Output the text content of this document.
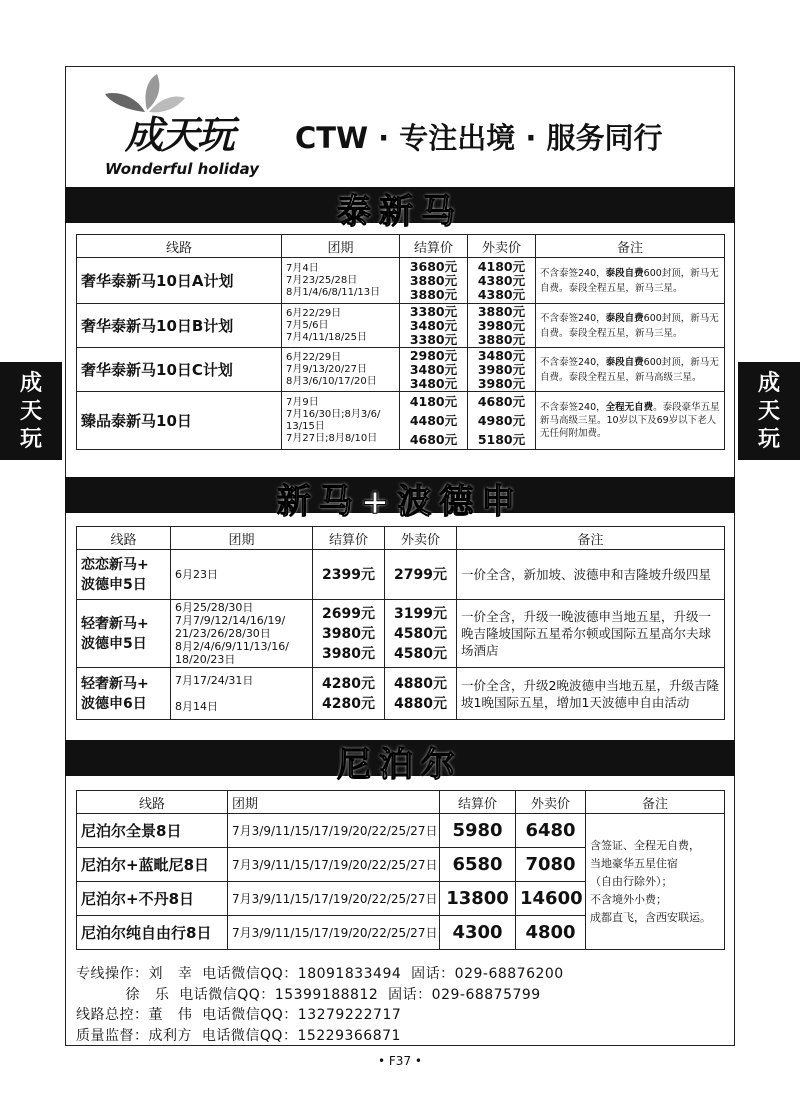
成天玩
Wonderful holiday
CTW · 专注出境 · 服务同行
成
天
玩
成
天
玩
泰新马
线路	团期	结算价	外卖价	备注
奢华泰新马10日A计划	7月4日
7月23/25/28日
8月1/4/6/8/11/13日	3680元
3880元
3880元	4180元
4380元
4380元	不含泰签240，泰段自费600封顶，新马无自费。泰段全程五星，新马三星。
奢华泰新马10日B计划	6月22/29日
7月5/6日
7月4/11/18/25日	3380元
3480元
3380元	3880元
3980元
3880元	不含泰签240，泰段自费600封顶，新马无自费。泰段全程五星，新马三星。
奢华泰新马10日C计划	6月22/29日
7月9/13/20/27日
8月3/6/10/17/20日	2980元
3480元
3480元	3480元
3980元
3980元	不含泰签240，泰段自费600封顶，新马无自费。泰段全程五星，新马高级三星。
臻品泰新马10日	7月9日
7月16/30日;8月3/6/
13/15日
7月27日;8月8/10日	4180元
4480元
4680元	4680元
4980元
5180元	不含泰签240，全程无自费。泰段豪华五星新马高级三星。10岁以下及69岁以下老人无任何附加费。
新马+波德申
线路	团期	结算价	外卖价	备注
恋恋新马+
波德申5日	6月23日	2399元	2799元	一价全含，新加坡、波德申和吉隆坡升级四星
轻奢新马+
波德申5日	6月25/28/30日
7月7/9/12/14/16/19/
21/23/26/28/30日
8月2/4/6/9/11/13/16/
18/20/23日	2699元
3980元
3980元	3199元
4580元
4580元	一价全含，升级一晚波德申当地五星，升级一晚吉隆坡国际五星希尔顿或国际五星高尔夫球场酒店
轻奢新马+
波德申6日	7月17/24/31日

8月14日	4280元
4280元	4880元
4880元	一价全含，升级2晚波德申当地五星，升级吉隆坡1晚国际五星，增加1天波德申自由活动
尼泊尔
线路	团期	结算价	外卖价	备注
尼泊尔全景8日	7月3/9/11/15/17/19/20/22/25/27日	5980	6480	含签证、全程无自费，
当地豪华五星住宿
（自由行除外）；
不含境外小费；
成都直飞，含西安联运。
尼泊尔+蓝毗尼8日	7月3/9/11/15/17/19/20/22/25/27日	6580	7080	
尼泊尔+不丹8日	7月3/9/11/15/17/19/20/22/25/27日	13800	14600	
尼泊尔纯自由行8日	7月3/9/11/15/17/19/20/22/25/27日	4300	4800	
专线操作：刘   幸  电话微信QQ：18091833494  固话：029-68876200
徐   乐  电话微信QQ：15399188812  固话：029-68875799
线路总控：董   伟  电话微信QQ：13279222717
质量监督：成利方  电话微信QQ：15229366871
• F37 •
